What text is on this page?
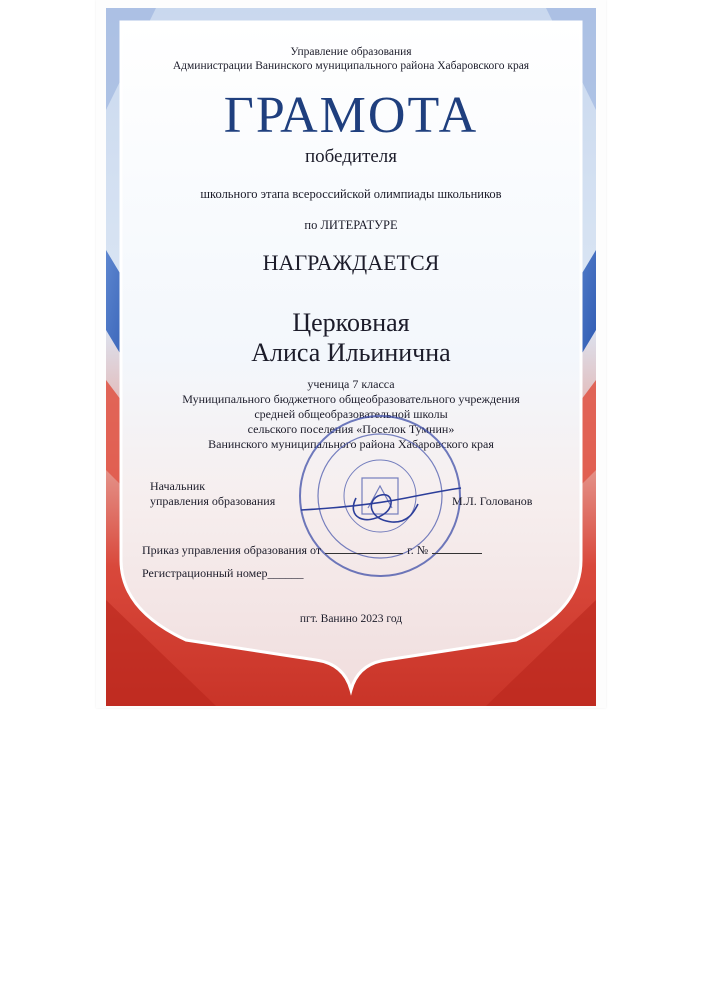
Управление образования
Администрации Ванинского муниципального района Хабаровского края
ГРАМОТА
победителя
школьного этапа всероссийской олимпиады школьников
по ЛИТЕРАТУРЕ
НАГРАЖДАЕТСЯ
Церковная
Алиса Ильинична
ученица 7 класса
Муниципального бюджетного общеобразовательного учреждения
средней общеобразовательной школы
сельского поселения «Поселок Тумнин»
Ванинского муниципального района Хабаровского края
Начальник
управления образования	М.Л. Голованов
Приказ управления образования от	г. №
Регистрационный номер______
пгт. Ванино 2023 год
